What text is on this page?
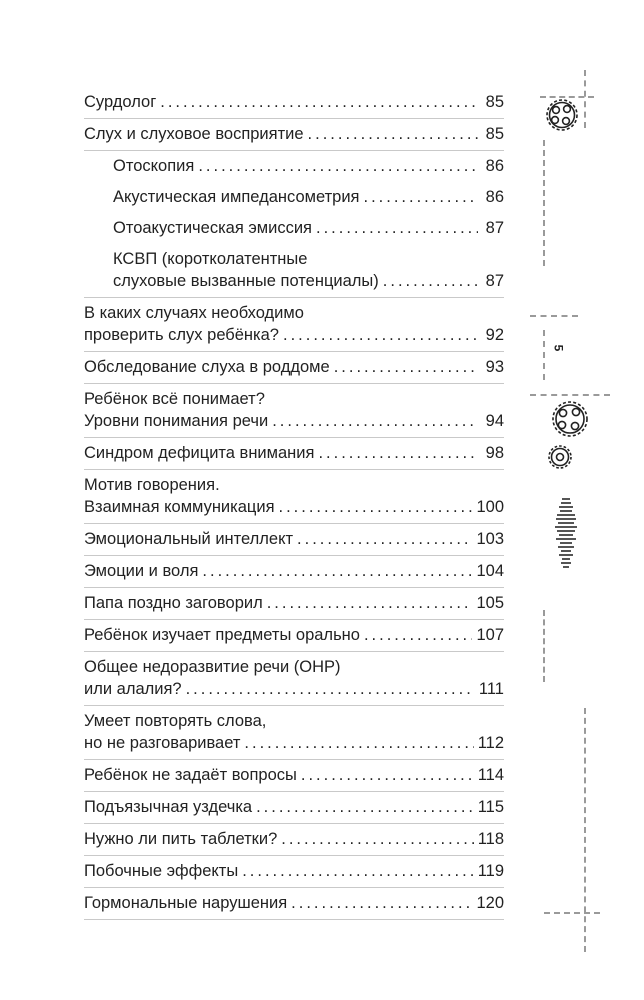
Сурдолог .....	85
Слух и слуховое восприятие .....	85
Отоскопия .....	86
Акустическая импедансометрия .....	86
Отоакустическая эмиссия .....	87
КСВП (коротколатентные
слуховые вызванные потенциалы) .....	87
В каких случаях необходимо
проверить слух ребёнка? .....	92
Обследование слуха в роддоме .....	93
Ребёнок всё понимает?
Уровни понимания речи .....	94
Синдром дефицита внимания .....	98
Мотив говорения.
Взаимная коммуникация .....	100
Эмоциональный интеллект .....	103
Эмоции и воля .....	104
Папа поздно заговорил .....	105
Ребёнок изучает предметы орально .....	107
Общее недоразвитие речи (ОНР)
или алалия? .....	111
Умеет повторять слова,
но не разговаривает .....	112
Ребёнок не задаёт вопросы .....	114
Подъязычная уздечка .....	115
Нужно ли пить таблетки? .....	118
Побочные эффекты .....	119
Гормональные нарушения .....	120
5
